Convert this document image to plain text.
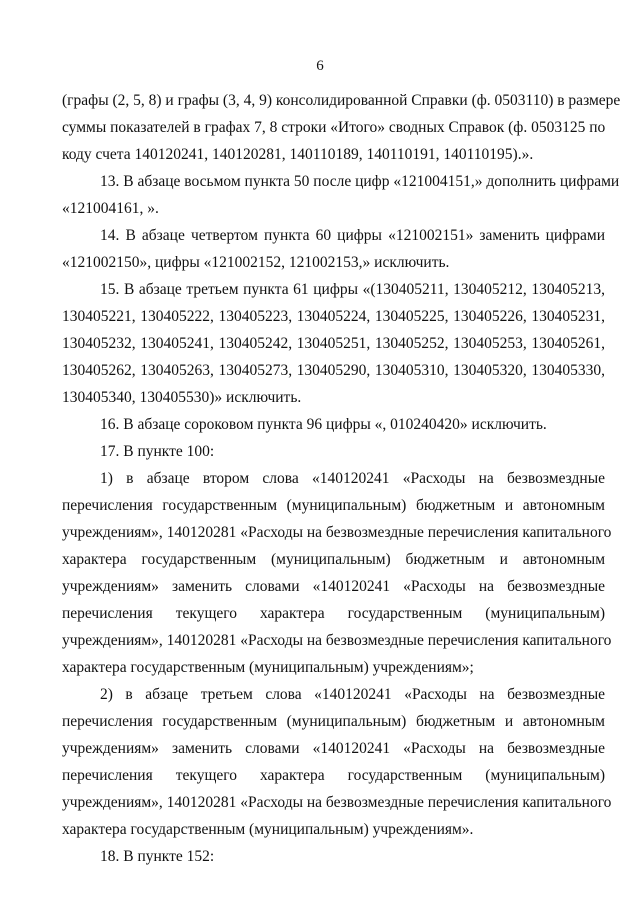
6
(графы (2, 5, 8) и графы (3, 4, 9) консолидированной Справки (ф. 0503110) в размере
суммы показателей в графах 7, 8 строки «Итого» сводных Справок (ф. 0503125 по
коду счета 140120241, 140120281, 140110189, 140110191, 140110195).».
13. В абзаце восьмом пункта 50 после цифр «121004151,» дополнить цифрами
«121004161, ».
14. В абзаце четвертом пункта 60 цифры «121002151» заменить цифрами
«121002150», цифры «121002152, 121002153,» исключить.
15. В абзаце третьем пункта 61 цифры «(130405211, 130405212, 130405213,
130405221, 130405222, 130405223, 130405224, 130405225, 130405226, 130405231,
130405232, 130405241, 130405242, 130405251, 130405252, 130405253, 130405261,
130405262, 130405263, 130405273, 130405290, 130405310, 130405320, 130405330,
130405340, 130405530)» исключить.
16. В абзаце сороковом пункта 96 цифры «, 010240420» исключить.
17. В пункте 100:
1) в абзаце втором слова «140120241 «Расходы на безвозмездные
перечисления государственным (муниципальным) бюджетным и автономным
учреждениям», 140120281 «Расходы на безвозмездные перечисления капитального
характера государственным (муниципальным) бюджетным и автономным
учреждениям» заменить словами «140120241 «Расходы на безвозмездные
перечисления текущего характера государственным (муниципальным)
учреждениям», 140120281 «Расходы на безвозмездные перечисления капитального
характера государственным (муниципальным) учреждениям»;
2) в абзаце третьем слова «140120241 «Расходы на безвозмездные
перечисления государственным (муниципальным) бюджетным и автономным
учреждениям» заменить словами «140120241 «Расходы на безвозмездные
перечисления текущего характера государственным (муниципальным)
учреждениям», 140120281 «Расходы на безвозмездные перечисления капитального
характера государственным (муниципальным) учреждениям».
18. В пункте 152:
